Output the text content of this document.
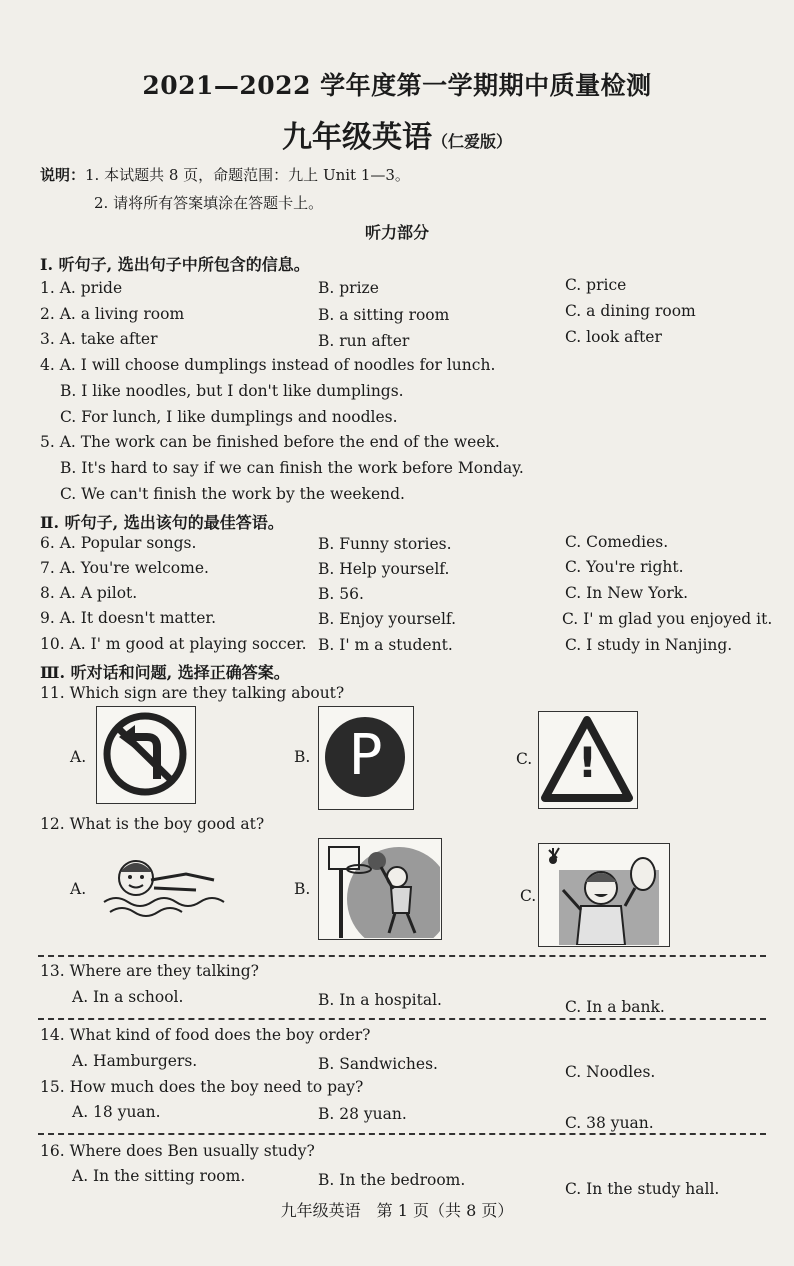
2021—2022 学年度第一学期期中质量检测
九年级英语（仁爱版）
说明：1. 本试题共 8 页，命题范围：九上 Unit 1—3。
2. 请将所有答案填涂在答题卡上。
听力部分
Ⅰ. 听句子, 选出句子中所包含的信息。
1. A. pride	B. prize	C. price
2. A. a living room	B. a sitting room	C. a dining room
3. A. take after	B. run after	C. look after
4. A. I will choose dumplings instead of noodles for lunch.
B. I like noodles, but I don't like dumplings.
C. For lunch, I like dumplings and noodles.
5. A. The work can be finished before the end of the week.
B. It's hard to say if we can finish the work before Monday.
C. We can't finish the work by the weekend.
Ⅱ. 听句子, 选出该句的最佳答语。
6. A. Popular songs.	B. Funny stories.	C. Comedies.
7. A. You're welcome.	B. Help yourself.	C. You're right.
8. A. A pilot.	B. 56.	C. In New York.
9. A. It doesn't matter.	B. Enjoy yourself.	C. I' m glad you enjoyed it.
10. A. I' m good at playing soccer. B. I' m a student.	C. I study in Nanjing.
Ⅲ. 听对话和问题, 选择正确答案。
11. Which sign are they talking about?
A.	B. P	C.	!
12. What is the boy good at?
A.	B.	C.
13. Where are they talking?
A. In a school.	B. In a hospital.	C. In a bank.
14. What kind of food does the boy order?
A. Hamburgers.	B. Sandwiches.	C. Noodles.
15. How much does the boy need to pay?
A. 18 yuan.	B. 28 yuan.	C. 38 yuan.
16. Where does Ben usually study?
A. In the sitting room.	B. In the bedroom.	C. In the study hall.
九年级英语　第 1 页（共 8 页）
